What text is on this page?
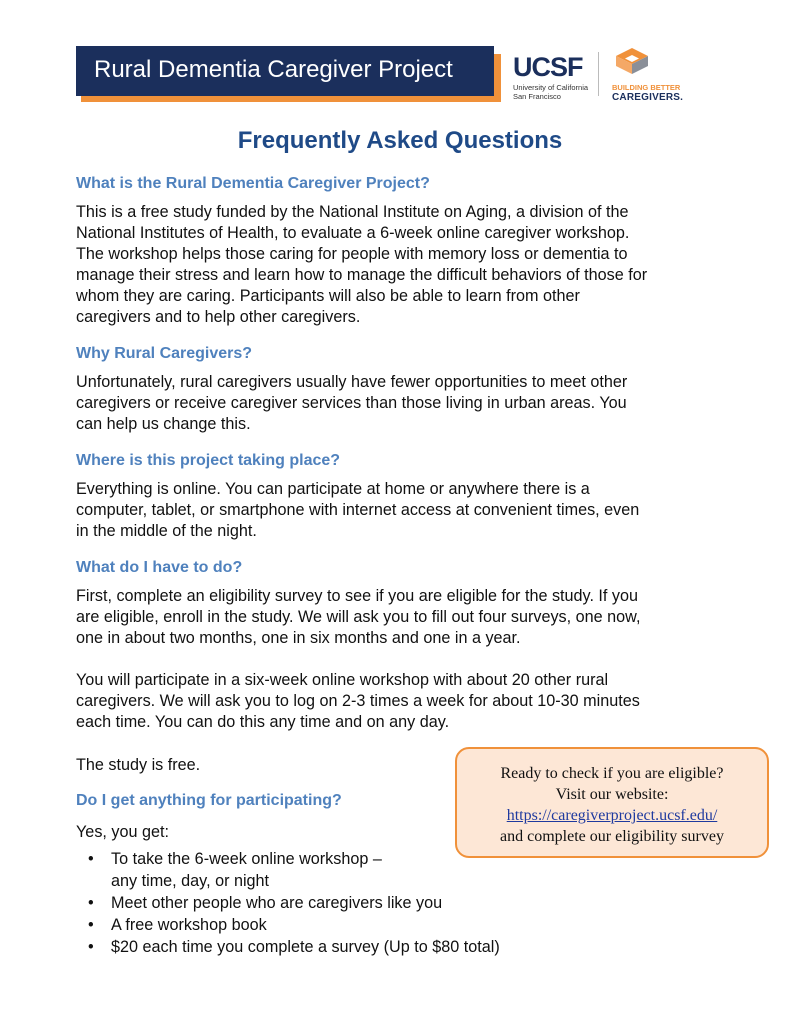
Rural Dementia Caregiver Project UCSF
University of California
San Francisco
BUILDING BETTER
CAREGIVERS.
Frequently Asked Questions
What is the Rural Dementia Caregiver Project?
This is a free study funded by the National Institute on Aging, a division of the
National Institutes of Health, to evaluate a 6-week online caregiver workshop.
The workshop helps those caring for people with memory loss or dementia to
manage their stress and learn how to manage the difficult behaviors of those for
whom they are caring. Participants will also be able to learn from other
caregivers and to help other caregivers.
Why Rural Caregivers?
Unfortunately, rural caregivers usually have fewer opportunities to meet other
caregivers or receive caregiver services than those living in urban areas. You
can help us change this.
Where is this project taking place?
Everything is online. You can participate at home or anywhere there is a
computer, tablet, or smartphone with internet access at convenient times, even
in the middle of the night.
What do I have to do?
First, complete an eligibility survey to see if you are eligible for the study. If you
are eligible, enroll in the study. We will ask you to fill out four surveys, one now,
one in about two months, one in six months and one in a year.
You will participate in a six-week online workshop with about 20 other rural
caregivers. We will ask you to log on 2-3 times a week for about 10-30 minutes
each time. You can do this any time and on any day.
The study is free.
Do I get anything for participating?
Yes, you get:
• To take the 6-week online workshop –
any time, day, or night
• Meet other people who are caregivers like you
• A free workshop book
• $20 each time you complete a survey (Up to $80 total)
Ready to check if you are eligible?
Visit our website:
https://caregiverproject.ucsf.edu/
and complete our eligibility survey
